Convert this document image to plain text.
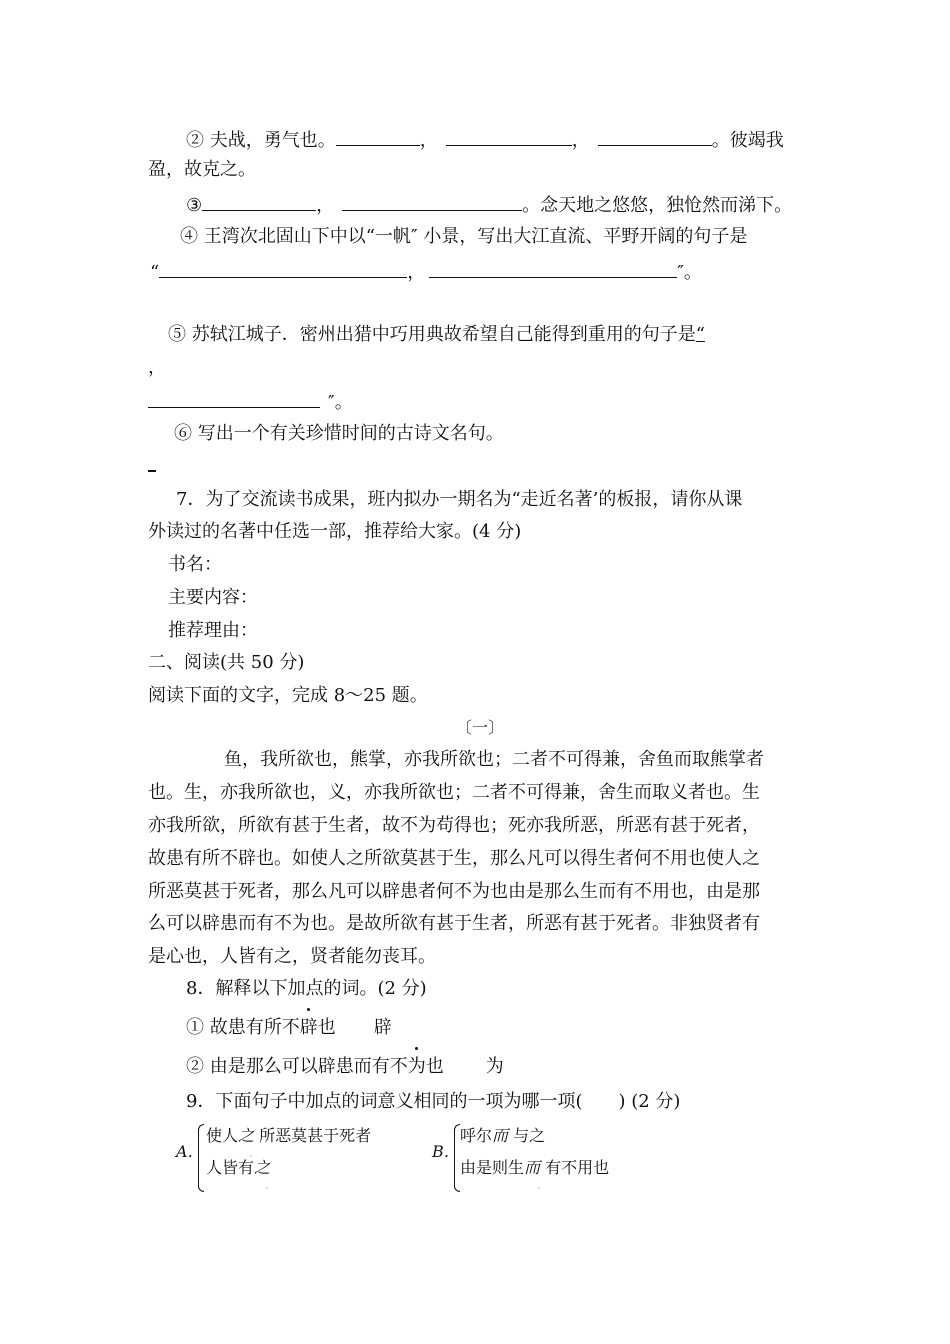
② 夫战，勇气也。	，	，	。彼竭我
盈，故克之。
③	，	。念天地之悠悠，独怆然而涕下。
④ 王湾次北固山下中以“一帆″ 小景，写出大江直流、平野开阔的句子是
“	，	″。
⑤ 苏轼江城子．密州出猎中巧用典故希望自己能得到重用的句子是“
，
″。
⑥ 写出一个有关珍惜时间的古诗文名句。
7．为了交流读书成果，班内拟办一期名为“走近名著’的板报，请你从课
外读过的名著中任选一部，推荐给大家。(4 分)
书名：
主要内容：
推荐理由：
二、阅读(共 50 分)
阅读下面的文字，完成 8～25 题。
〔一〕
鱼，我所欲也，熊掌，亦我所欲也；二者不可得兼，舍鱼而取熊掌者
也。生，亦我所欲也，义，亦我所欲也；二者不可得兼，舍生而取义者也。生
亦我所欲，所欲有甚于生者，故不为苟得也；死亦我所恶，所恶有甚于死者，
故患有所不辟也。如使人之所欲莫甚于生，那么凡可以得生者何不用也使人之
所恶莫甚于死者，那么凡可以辟患者何不为也由是那么生而有不用也，由是那
么可以辟患而有不为也。是故所欲有甚于生者，所恶有甚于死者。非独贤者有
是心也，人皆有之，贤者能勿丧耳。
8．解释以下加点的词。(2 分)
① 故患有所不辟也 辟
② 由是那么可以辟患而有不为也 为
9．下面句子中加点的词意义相同的一项为哪一项(　　) (2 分)
A．
使人之 所恶莫甚于死者
人皆有之
B．
呼尔而 与之
由是则生而 有不用也
。
。	。
